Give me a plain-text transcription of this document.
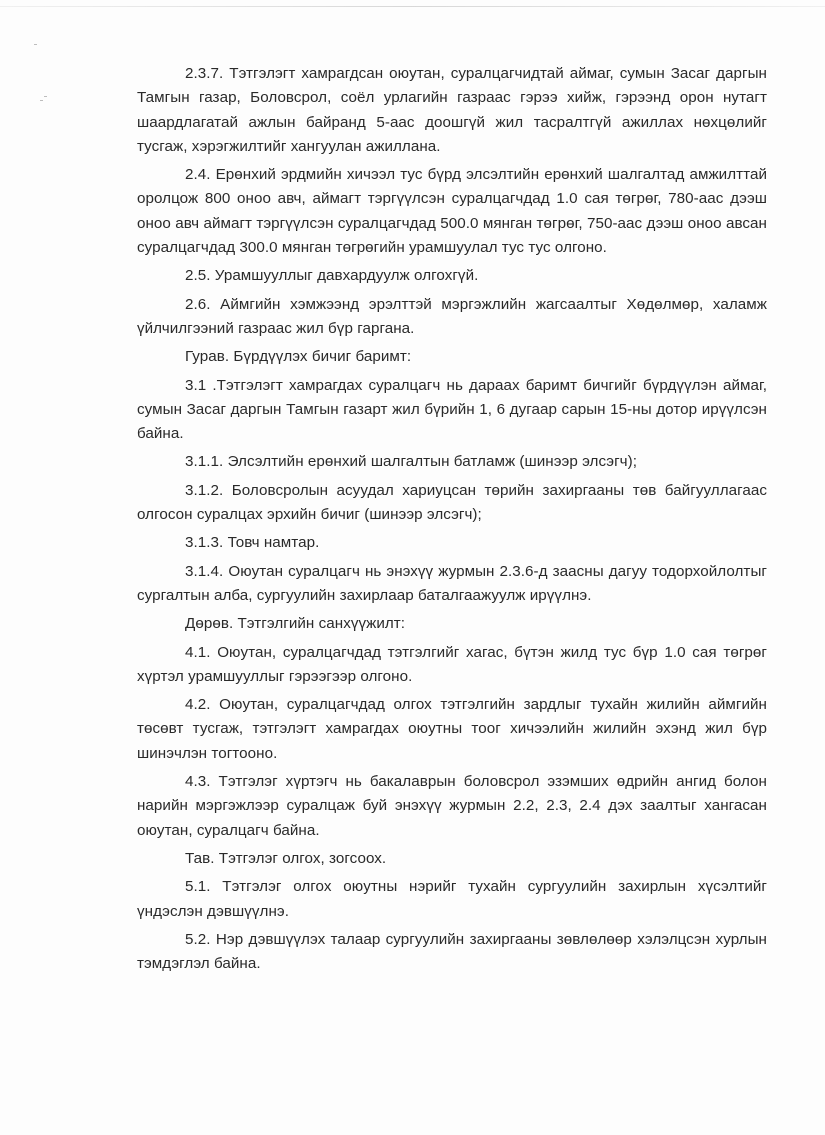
2.3.7. Тэтгэлэгт хамрагдсан оюутан, суралцагчидтай аймаг, сумын Засаг даргын Тамгын газар, Боловсрол, соёл урлагийн газраас гэрээ хийж, гэрээнд орон нутагт шаардлагатай ажлын байранд 5-аас доошгүй жил тасралтгүй ажиллах нөхцөлийг тусгаж, хэрэгжилтийг хангуулан ажиллана.

2.4. Ерөнхий эрдмийн хичээл тус бүрд элсэлтийн ерөнхий шалгалтад амжилттай оролцож 800 оноо авч, аймагт тэргүүлсэн суралцагчдад 1.0 сая төгрөг, 780-аас дээш оноо авч аймагт тэргүүлсэн суралцагчдад 500.0 мянган төгрөг, 750-аас дээш оноо авсан суралцагчдад 300.0 мянган төгрөгийн урамшуулал тус тус олгоно.

2.5. Урамшууллыг давхардуулж олгохгүй.

2.6. Аймгийн хэмжээнд эрэлттэй мэргэжлийн жагсаалтыг Хөдөлмөр, халамж үйлчилгээний газраас жил бүр гаргана.

Гурав. Бүрдүүлэх бичиг баримт:

3.1 .Тэтгэлэгт хамрагдах суралцагч нь дараах баримт бичгийг бүрдүүлэн аймаг, сумын Засаг даргын Тамгын газарт жил бүрийн 1, 6 дугаар сарын 15-ны дотор ирүүлсэн байна.

3.1.1. Элсэлтийн ерөнхий шалгалтын батламж (шинээр элсэгч);

3.1.2. Боловсролын асуудал хариуцсан төрийн захиргааны төв байгууллагаас олгосон суралцах эрхийн бичиг (шинээр элсэгч);

3.1.3. Товч намтар.

3.1.4. Оюутан суралцагч нь энэхүү журмын 2.3.6-д заасны дагуу тодорхойлолтыг сургалтын алба, сургуулийн захирлаар баталгаажуулж ирүүлнэ.

Дөрөв. Тэтгэлгийн санхүүжилт:

4.1. Оюутан, суралцагчдад тэтгэлгийг хагас, бүтэн жилд тус бүр 1.0 сая төгрөг хүртэл урамшууллыг гэрээгээр олгоно.

4.2. Оюутан, суралцагчдад олгох тэтгэлгийн зардлыг тухайн жилийн аймгийн төсөвт тусгаж, тэтгэлэгт хамрагдах оюутны тоог хичээлийн жилийн эхэнд жил бүр шинэчлэн тогтооно.

4.3. Тэтгэлэг хүртэгч нь бакалаврын боловсрол эзэмших өдрийн ангид болон нарийн мэргэжлээр суралцаж буй энэхүү журмын 2.2, 2.3, 2.4 дэх заалтыг хангасан оюутан, суралцагч байна.

Тав. Тэтгэлэг олгох, зогсоох.

5.1. Тэтгэлэг олгох оюутны нэрийг тухайн сургуулийн захирлын хүсэлтийг үндэслэн дэвшүүлнэ.

5.2. Нэр дэвшүүлэх талаар сургуулийн захиргааны зөвлөлөөр хэлэлцсэн хурлын тэмдэглэл байна.
